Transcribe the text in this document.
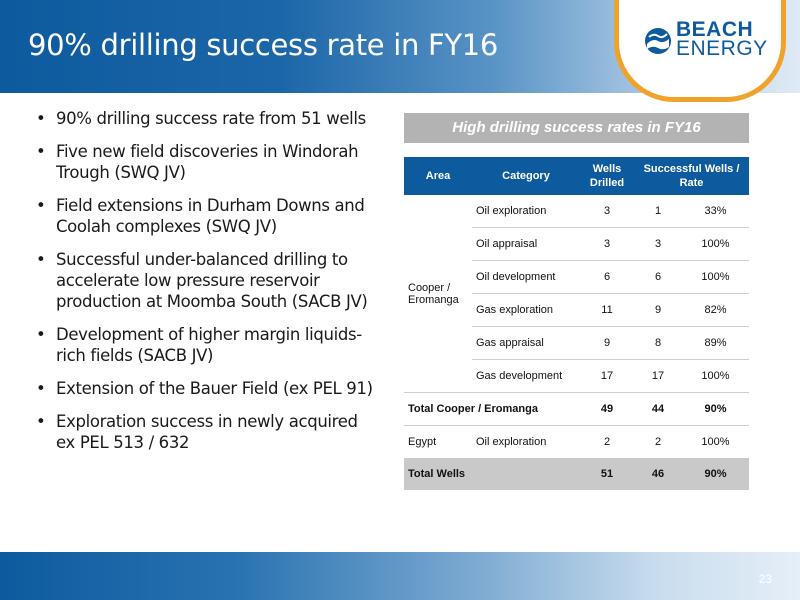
90% drilling success rate in FY16	BEACH
ENERGY
• 90% drilling success rate from 51 wells
• Five new field discoveries in Windorah Trough (SWQ JV)
• Field extensions in Durham Downs and Coolah complexes (SWQ JV)
• Successful under-balanced drilling to accelerate low pressure reservoir production at Moomba South (SACB JV)
• Development of higher margin liquids-rich fields (SACB JV)
• Extension of the Bauer Field (ex PEL 91)
• Exploration success in newly acquired ex PEL 513 / 632
High drilling success rates in FY16
Area	Category	Wells Drilled	Successful Wells / Rate	
Cooper / Eromanga	Oil exploration	3	1	33%
	Oil appraisal	3	3	100%
	Oil development	6	6	100%
	Gas exploration	11	9	82%
	Gas appraisal	9	8	89%
	Gas development	17	17	100%
Total Cooper / Eromanga		49	44	90%
Egypt	Oil exploration	2	2	100%
Total Wells		51	46	90%
23
